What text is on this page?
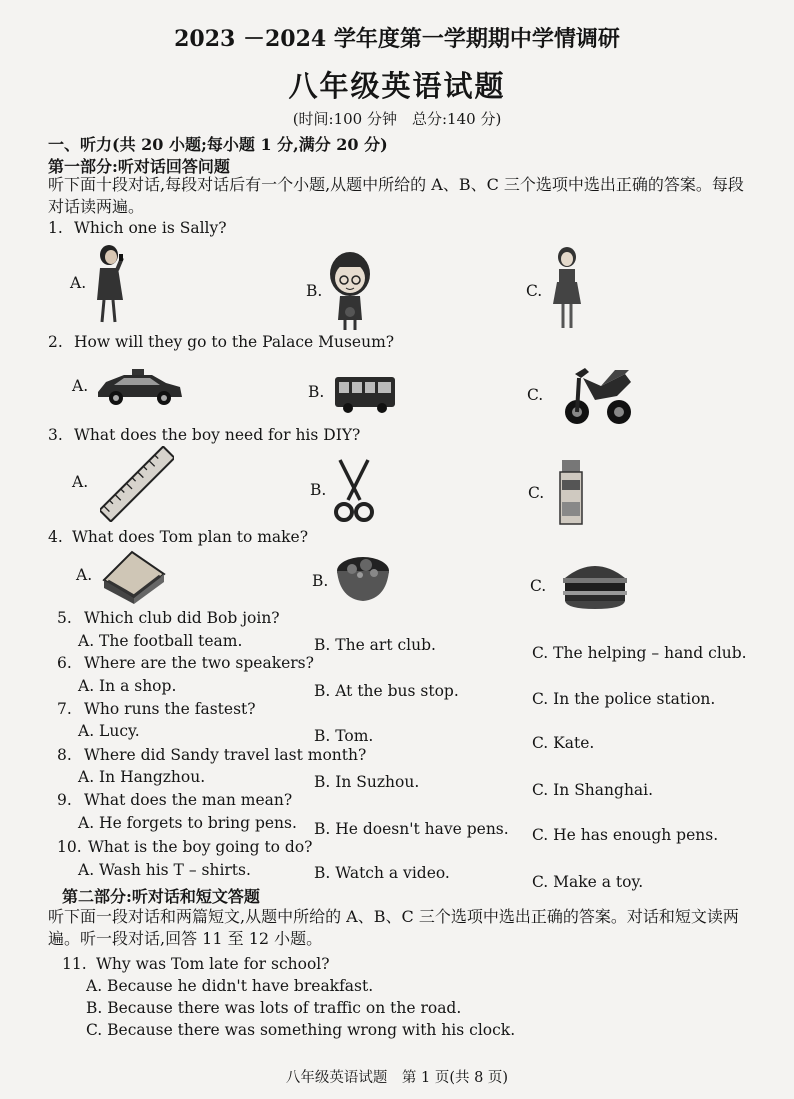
2023 －2024 学年度第一学期期中学情调研
八年级英语试题
(时间:100 分钟　总分:140 分)
一、听力(共 20 小题;每小题 1 分,满分 20 分)
第一部分:听对话回答问题
听下面十段对话,每段对话后有一个小题,从题中所给的 A、B、C 三个选项中选出正确的答案。每段对话读两遍。
1. Which one is Sally?
A.	B.	C.
2. How will they go to the Palace Museum?
A.	B.	C.
3. What does the boy need for his DIY?
A.	B.	C.
4. What does Tom plan to make?
A.	B.	C.
5. Which club did Bob join?
A. The football team.	B. The art club.	C. The helping – hand club.
6. Where are the two speakers?
A. In a shop.	B. At the bus stop.	C. In the police station.
7. Who runs the fastest?
A. Lucy.	B. Tom.	C. Kate.
8. Where did Sandy travel last month?
A. In Hangzhou.	B. In Suzhou.	C. In Shanghai.
9. What does the man mean?
A. He forgets to bring pens. B. He doesn't have pens. C. He has enough pens.
10. What is the boy going to do?
A. Wash his T – shirts.	B. Watch a video.	C. Make a toy.
第二部分:听对话和短文答题
听下面一段对话和两篇短文,从题中所给的 A、B、C 三个选项中选出正确的答案。对话和短文读两遍。听一段对话,回答 11 至 12 小题。
11. Why was Tom late for school?
A. Because he didn't have breakfast.
B. Because there was lots of traffic on the road.
C. Because there was something wrong with his clock.
八年级英语试题　第 1 页(共 8 页)
